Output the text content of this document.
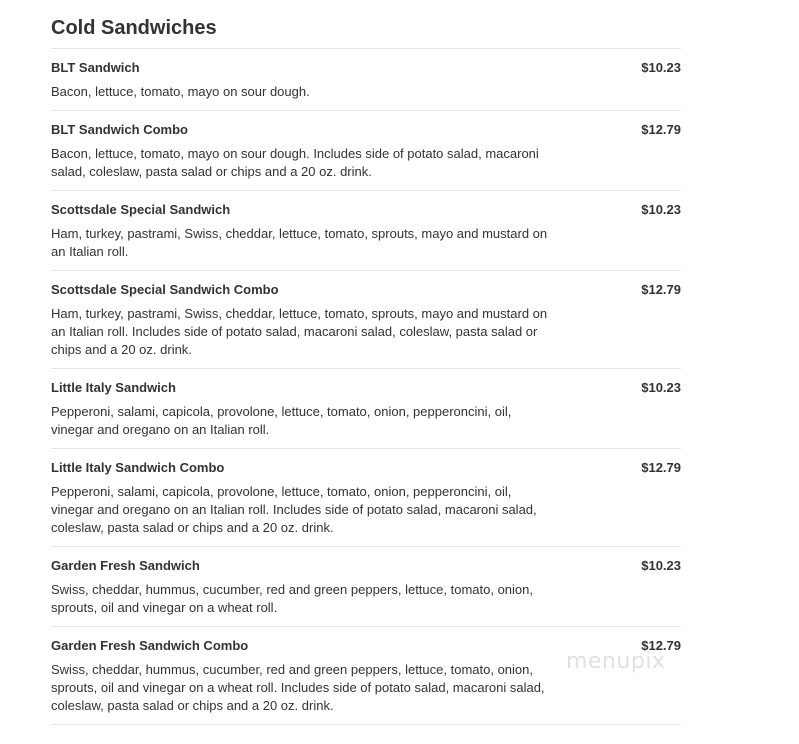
Cold Sandwiches
BLT Sandwich	$10.23
Bacon, lettuce, tomato, mayo on sour dough.
BLT Sandwich Combo	$12.79
Bacon, lettuce, tomato, mayo on sour dough. Includes side of potato salad, macaroni salad, coleslaw, pasta salad or chips and a 20 oz. drink.
Scottsdale Special Sandwich	$10.23
Ham, turkey, pastrami, Swiss, cheddar, lettuce, tomato, sprouts, mayo and mustard on an Italian roll.
Scottsdale Special Sandwich Combo	$12.79
Ham, turkey, pastrami, Swiss, cheddar, lettuce, tomato, sprouts, mayo and mustard on an Italian roll. Includes side of potato salad, macaroni salad, coleslaw, pasta salad or chips and a 20 oz. drink.
Little Italy Sandwich	$10.23
Pepperoni, salami, capicola, provolone, lettuce, tomato, onion, pepperoncini, oil, vinegar and oregano on an Italian roll.
Little Italy Sandwich Combo	$12.79
Pepperoni, salami, capicola, provolone, lettuce, tomato, onion, pepperoncini, oil, vinegar and oregano on an Italian roll. Includes side of potato salad, macaroni salad, coleslaw, pasta salad or chips and a 20 oz. drink.
Garden Fresh Sandwich	$10.23
Swiss, cheddar, hummus, cucumber, red and green peppers, lettuce, tomato, onion, sprouts, oil and vinegar on a wheat roll.
Garden Fresh Sandwich Combo	$12.79
Swiss, cheddar, hummus, cucumber, red and green peppers, lettuce, tomato, onion, sprouts, oil and vinegar on a wheat roll. Includes side of potato salad, macaroni salad, coleslaw, pasta salad or chips and a 20 oz. drink.
menupix
